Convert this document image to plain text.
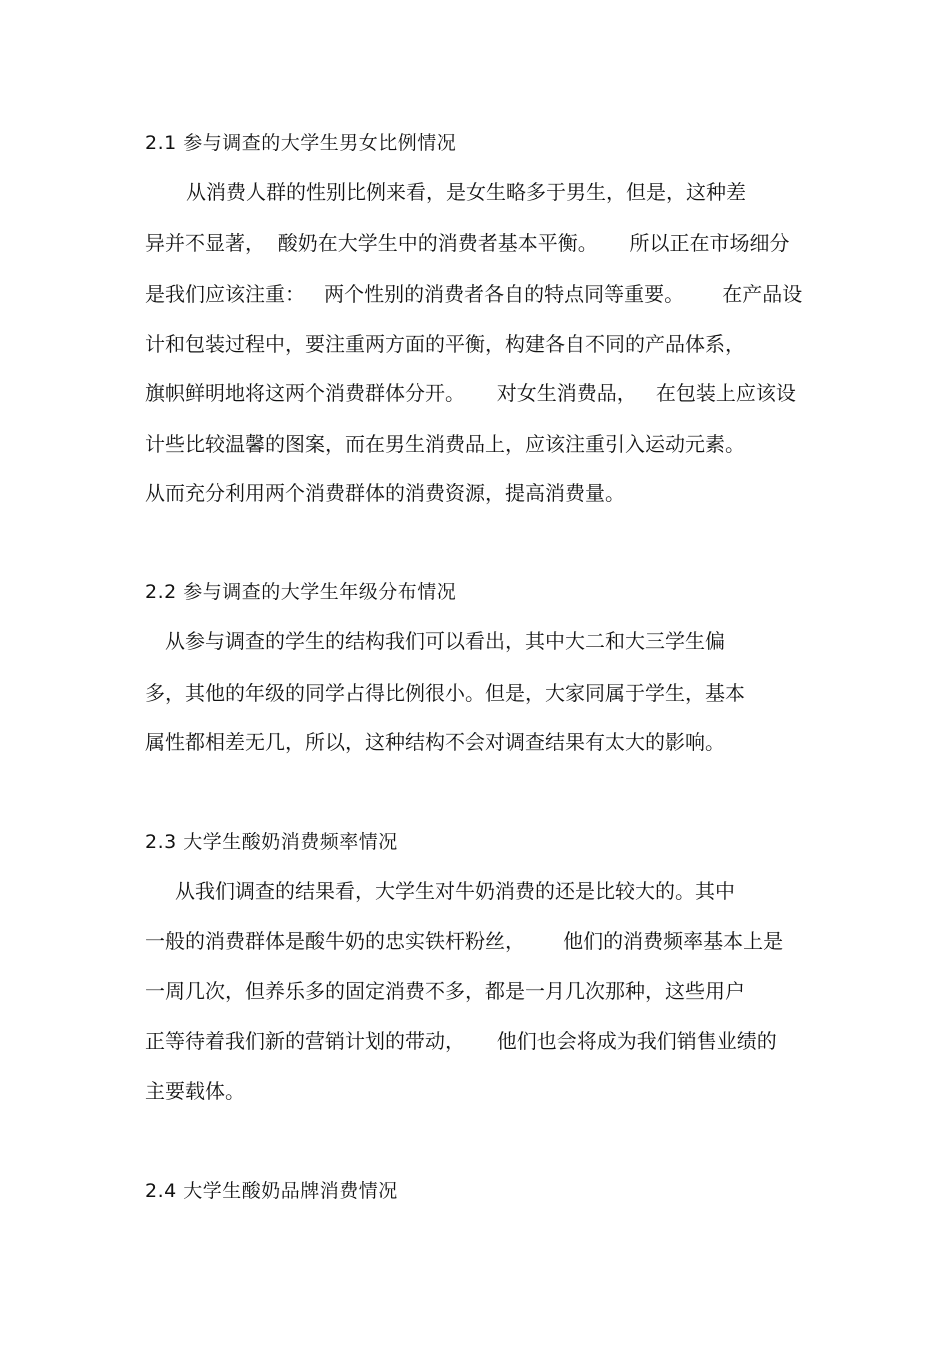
2.1 参与调查的大学生男女比例情况
从消费人群的性别比例来看，是女生略多于男生，但是，这种差
异并不显著，  酸奶在大学生中的消费者基本平衡。     所以正在市场细分
是我们应该注重：   两个性别的消费者各自的特点同等重要。      在产品设
计和包装过程中，要注重两方面的平衡，构建各自不同的产品体系，
旗帜鲜明地将这两个消费群体分开。     对女生消费品，   在包装上应该设
计些比较温馨的图案，而在男生消费品上，应该注重引入运动元素。
从而充分利用两个消费群体的消费资源，提高消费量。
2.2 参与调查的大学生年级分布情况
从参与调查的学生的结构我们可以看出，其中大二和大三学生偏
多，其他的年级的同学占得比例很小。但是，大家同属于学生，基本
属性都相差无几，所以，这种结构不会对调查结果有太大的影响。
2.3 大学生酸奶消费频率情况
从我们调查的结果看，大学生对牛奶消费的还是比较大的。其中
一般的消费群体是酸牛奶的忠实铁杆粉丝，      他们的消费频率基本上是
一周几次，但养乐多的固定消费不多，都是一月几次那种，这些用户
正等待着我们新的营销计划的带动，     他们也会将成为我们销售业绩的
主要载体。
2.4 大学生酸奶品牌消费情况
